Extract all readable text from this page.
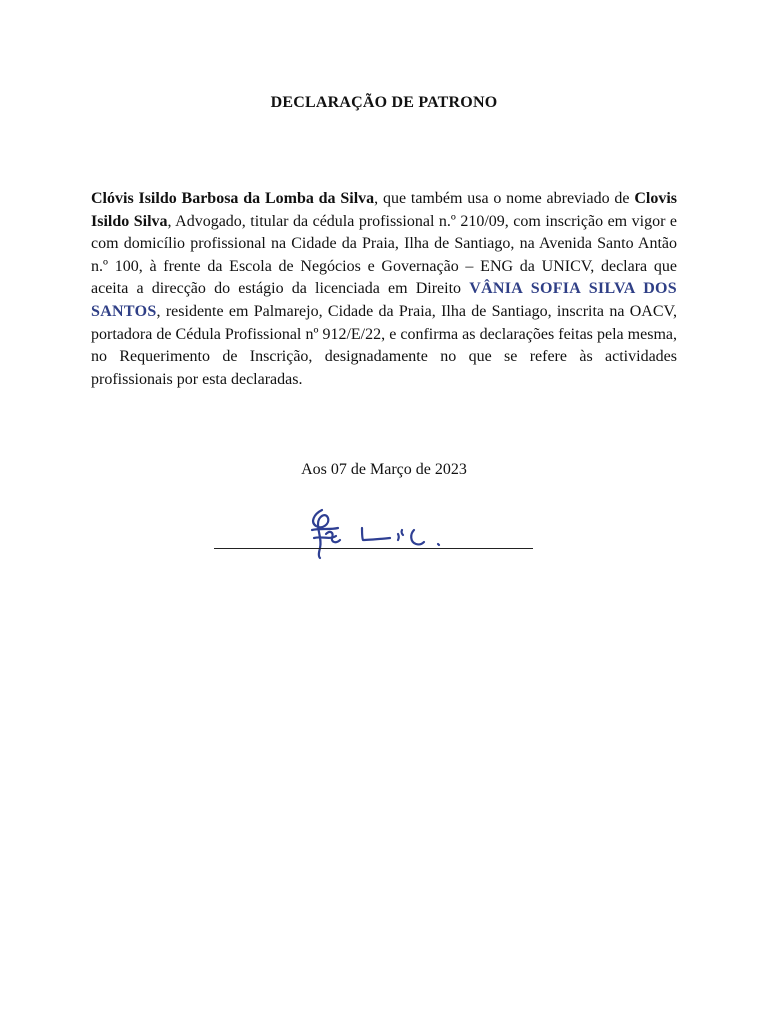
DECLARAÇÃO DE PATRONO

Clóvis Isildo Barbosa da Lomba da Silva, que também usa o nome abreviado de Clovis Isildo Silva, Advogado, titular da cédula profissional n.º 210/09, com inscrição em vigor e com domicílio profissional na Cidade da Praia, Ilha de Santiago, na Avenida Santo Antão n.º 100, à frente da Escola de Negócios e Governação – ENG da UNICV, declara que aceita a direcção do estágio da licenciada em Direito VÂNIA SOFIA SILVA DOS SANTOS, residente em Palmarejo, Cidade da Praia, Ilha de Santiago, inscrita na OACV, portadora de Cédula Profissional nº 912/E/22, e confirma as declarações feitas pela mesma, no Requerimento de Inscrição, designadamente no que se refere às actividades profissionais por esta declaradas.

Aos 07 de Março de 2023
